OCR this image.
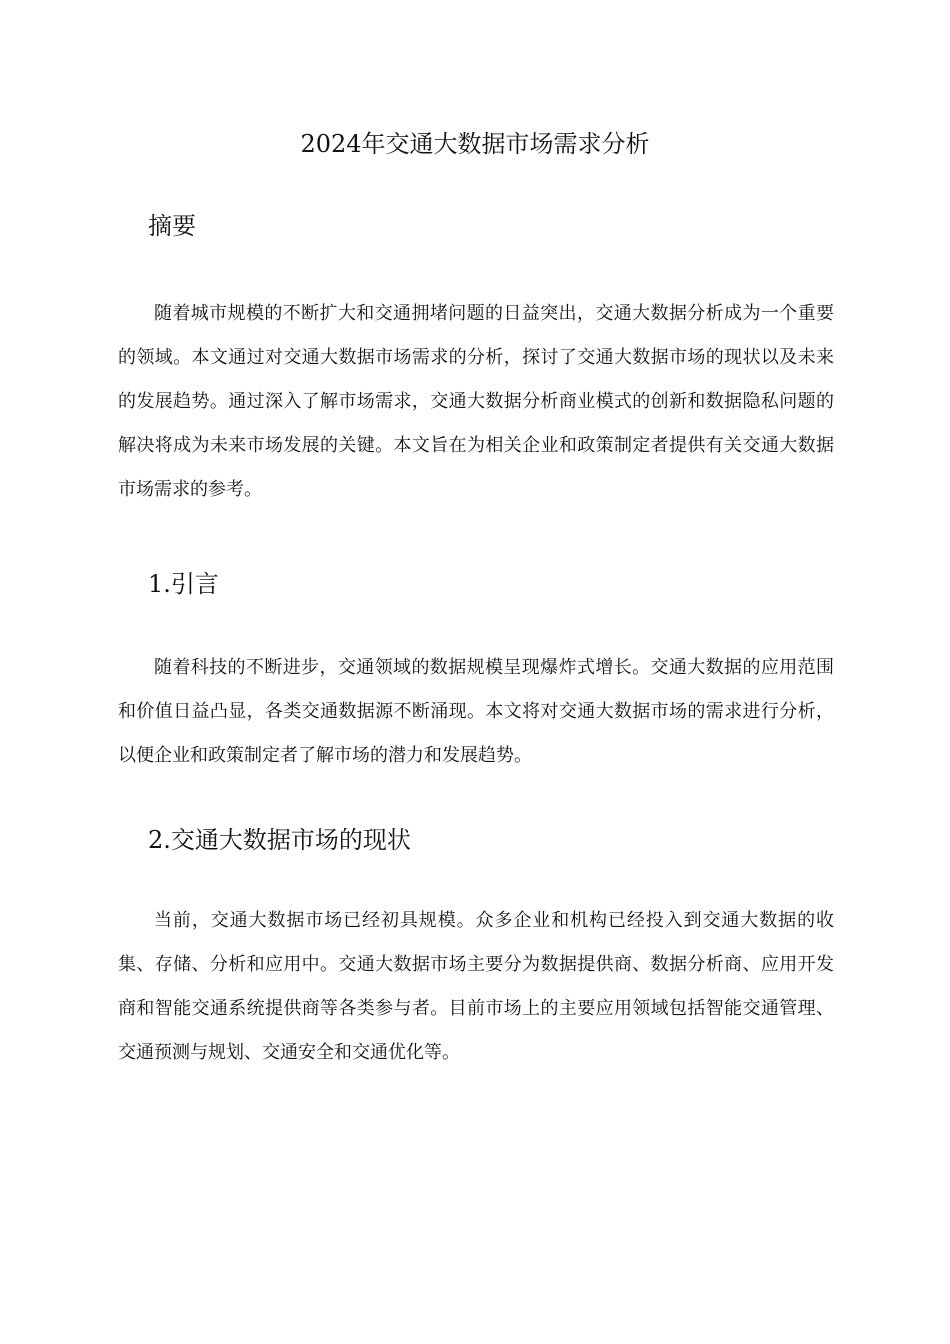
2024年交通大数据市场需求分析
摘要

随着城市规模的不断扩大和交通拥堵问题的日益突出，交通大数据分析成为一个重要的领域。本文通过对交通大数据市场需求的分析，探讨了交通大数据市场的现状以及未来的发展趋势。通过深入了解市场需求，交通大数据分析商业模式的创新和数据隐私问题的解决将成为未来市场发展的关键。本文旨在为相关企业和政策制定者提供有关交通大数据市场需求的参考。

1.引言

随着科技的不断进步，交通领域的数据规模呈现爆炸式增长。交通大数据的应用范围和价值日益凸显，各类交通数据源不断涌现。本文将对交通大数据市场的需求进行分析，以便企业和政策制定者了解市场的潜力和发展趋势。

2.交通大数据市场的现状

当前，交通大数据市场已经初具规模。众多企业和机构已经投入到交通大数据的收集、存储、分析和应用中。交通大数据市场主要分为数据提供商、数据分析商、应用开发商和智能交通系统提供商等各类参与者。目前市场上的主要应用领域包括智能交通管理、交通预测与规划、交通安全和交通优化等。
